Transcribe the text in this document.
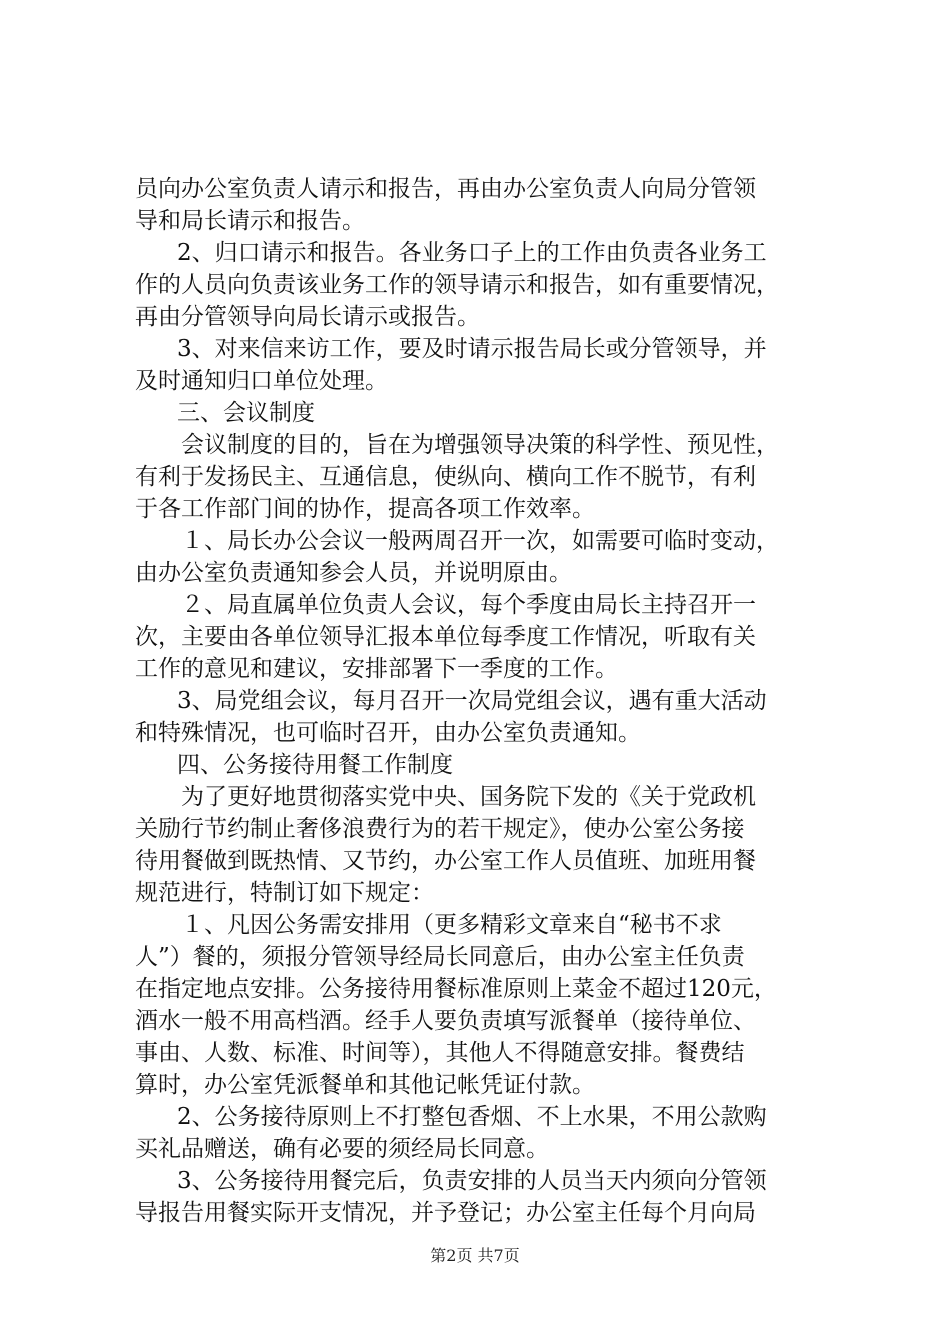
员向办公室负责人请示和报告，再由办公室负责人向局分管领
导和局长请示和报告。
2、归口请示和报告。各业务口子上的工作由负责各业务工
作的人员向负责该业务工作的领导请示和报告，如有重要情况，
再由分管领导向局长请示或报告。
3、对来信来访工作，要及时请示报告局长或分管领导，并
及时通知归口单位处理。
三、会议制度
会议制度的目的，旨在为增强领导决策的科学性、预见性，
有利于发扬民主、互通信息，使纵向、横向工作不脱节，有利
于各工作部门间的协作，提高各项工作效率。
１、局长办公会议一般两周召开一次，如需要可临时变动，
由办公室负责通知参会人员，并说明原由。
２、局直属单位负责人会议，每个季度由局长主持召开一
次，主要由各单位领导汇报本单位每季度工作情况，听取有关
工作的意见和建议，安排部署下一季度的工作。
3、局党组会议，每月召开一次局党组会议，遇有重大活动
和特殊情况，也可临时召开，由办公室负责通知。
四、公务接待用餐工作制度
为了更好地贯彻落实党中央、国务院下发的《关于党政机
关励行节约制止奢侈浪费行为的若干规定》，使办公室公务接
待用餐做到既热情、又节约，办公室工作人员值班、加班用餐
规范进行，特制订如下规定：
１、凡因公务需安排用（更多精彩文章来自“秘书不求
人”）餐的，须报分管领导经局长同意后，由办公室主任负责
在指定地点安排。公务接待用餐标准原则上菜金不超过120元，
酒水一般不用高档酒。经手人要负责填写派餐单（接待单位、
事由、人数、标准、时间等），其他人不得随意安排。餐费结
算时，办公室凭派餐单和其他记帐凭证付款。
2、公务接待原则上不打整包香烟、不上水果，不用公款购
买礼品赠送，确有必要的须经局长同意。
3、公务接待用餐完后，负责安排的人员当天内须向分管领
导报告用餐实际开支情况，并予登记；办公室主任每个月向局
第2页 共7页
